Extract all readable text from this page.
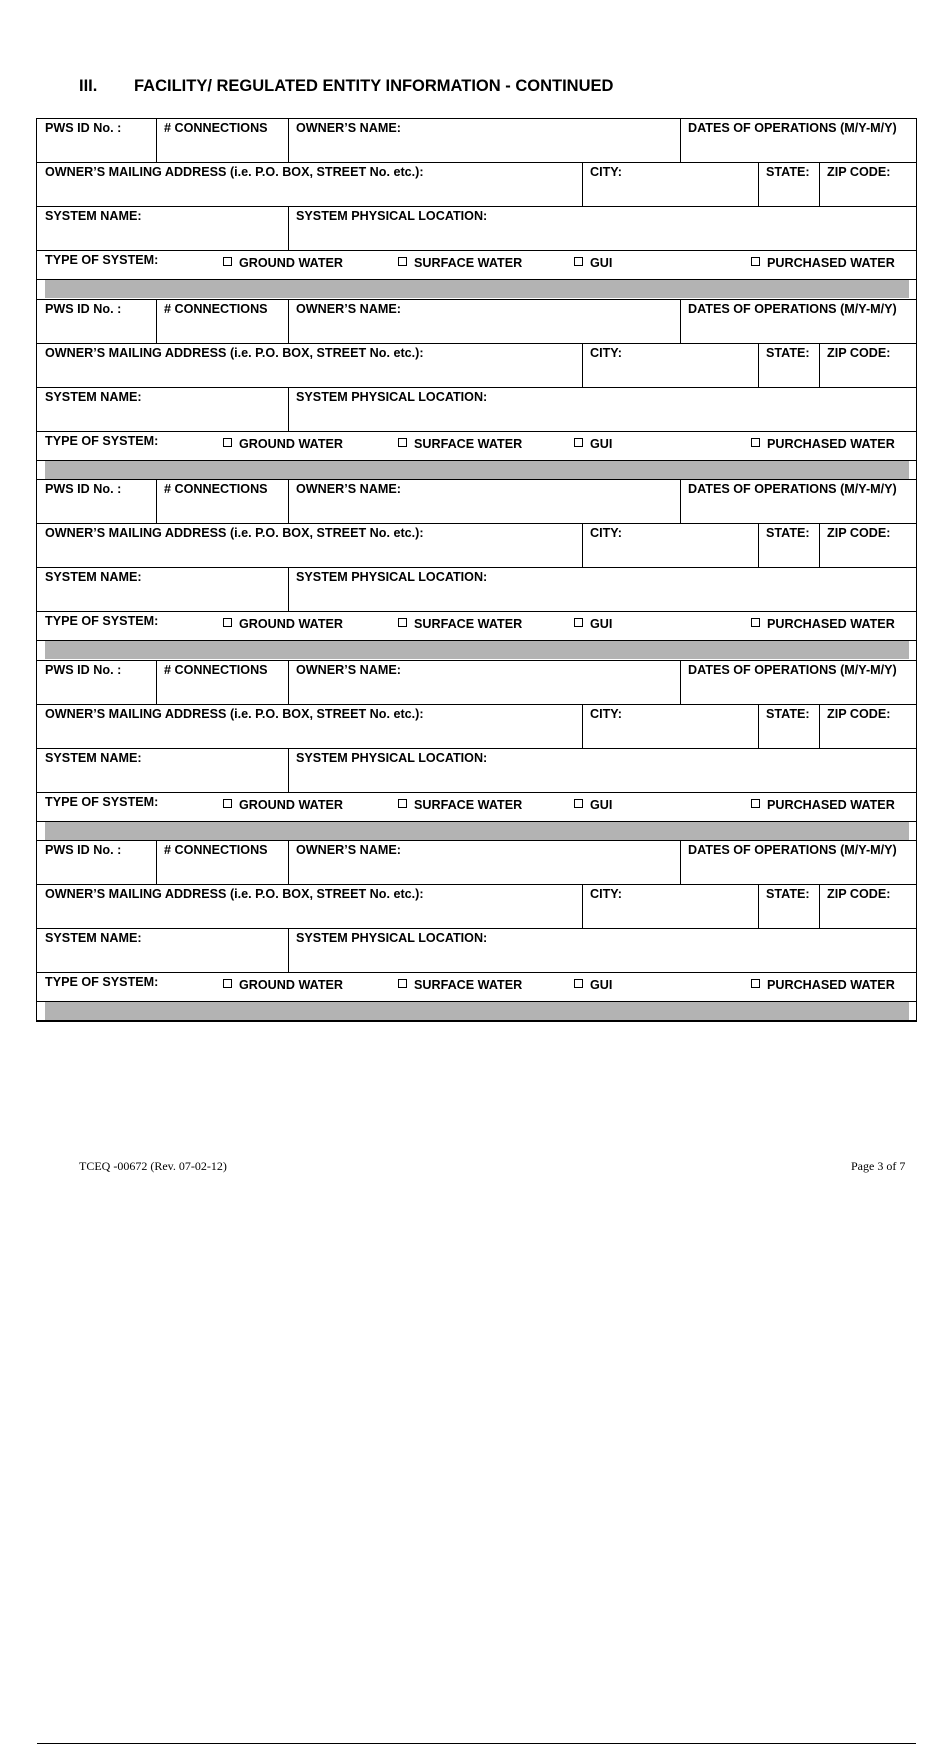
III. FACILITY/ REGULATED ENTITY INFORMATION - CONTINUED
PWS ID No. :	# CONNECTIONS	OWNER’S NAME:	DATES OF OPERATIONS (M/Y-M/Y)
OWNER’S MAILING ADDRESS (i.e. P.O. BOX, STREET No. etc.):	CITY:	STATE:	ZIP CODE:
SYSTEM NAME:	SYSTEM PHYSICAL LOCATION:
TYPE OF SYSTEM:	GROUND WATER	SURFACE WATER	GUI	PURCHASED WATER
PWS ID No. :	# CONNECTIONS	OWNER’S NAME:	DATES OF OPERATIONS (M/Y-M/Y)
OWNER’S MAILING ADDRESS (i.e. P.O. BOX, STREET No. etc.):	CITY:	STATE:	ZIP CODE:
SYSTEM NAME:	SYSTEM PHYSICAL LOCATION:
TYPE OF SYSTEM:	GROUND WATER	SURFACE WATER	GUI	PURCHASED WATER
PWS ID No. :	# CONNECTIONS	OWNER’S NAME:	DATES OF OPERATIONS (M/Y-M/Y)
OWNER’S MAILING ADDRESS (i.e. P.O. BOX, STREET No. etc.):	CITY:	STATE:	ZIP CODE:
SYSTEM NAME:	SYSTEM PHYSICAL LOCATION:
TYPE OF SYSTEM:	GROUND WATER	SURFACE WATER	GUI	PURCHASED WATER
PWS ID No. :	# CONNECTIONS	OWNER’S NAME:	DATES OF OPERATIONS (M/Y-M/Y)
OWNER’S MAILING ADDRESS (i.e. P.O. BOX, STREET No. etc.):	CITY:	STATE:	ZIP CODE:
SYSTEM NAME:	SYSTEM PHYSICAL LOCATION:
TYPE OF SYSTEM:	GROUND WATER	SURFACE WATER	GUI	PURCHASED WATER
PWS ID No. :	# CONNECTIONS	OWNER’S NAME:	DATES OF OPERATIONS (M/Y-M/Y)
OWNER’S MAILING ADDRESS (i.e. P.O. BOX, STREET No. etc.):	CITY:	STATE:	ZIP CODE:
SYSTEM NAME:	SYSTEM PHYSICAL LOCATION:
TYPE OF SYSTEM:	GROUND WATER	SURFACE WATER	GUI	PURCHASED WATER
TCEQ -00672 (Rev. 07-02-12)	Page 3 of 7
